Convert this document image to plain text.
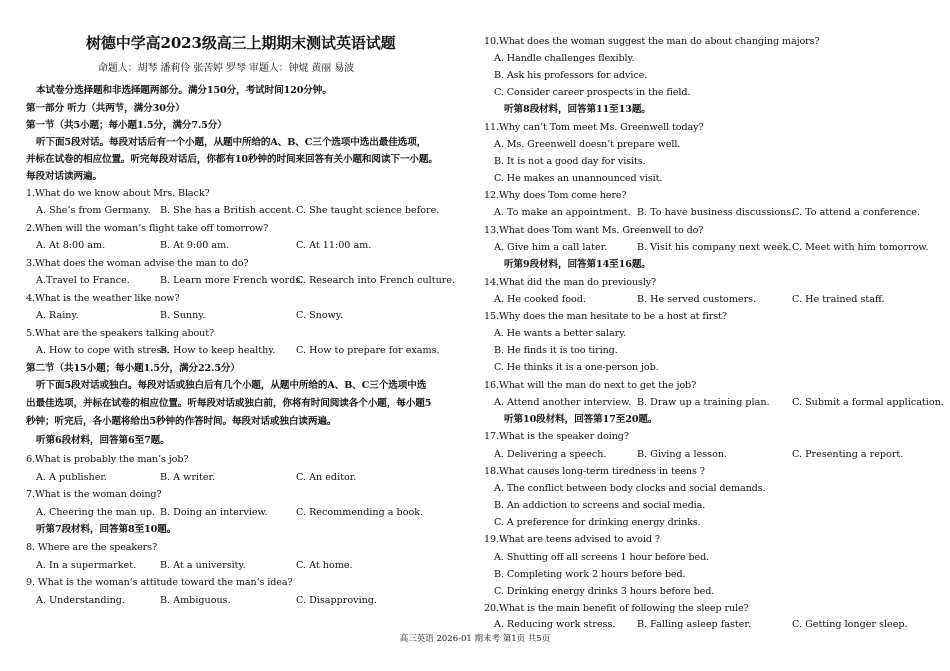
树德中学高2023级高三上期期末测试英语试题
命题人：胡琴 潘莉伶 张苦婷 罗琴 审题人：钟焜 黄丽 易波
本试卷分选择题和非选择题两部分。满分150分，考试时间120分钟。
第一部分 听力（共两节，满分30分）
第一节（共5小题；每小题1.5分，满分7.5分）
听下面5段对话。每段对话后有一个小题，从题中所给的A、B、C三个选项中选出最佳选项，
并标在试卷的相应位置。听完每段对话后，你都有10秒钟的时间来回答有关小题和阅读下一小题。
每段对话读两遍。
1.What do we know about Mrs. Black?
A. She’s from Germany. B. She has a British accent. C. She taught science before.
2.When will the woman’s flight take off tomorrow?
A. At 8:00 am.	B. At 9:00 am.	C. At 11:00 am.
3.What does the woman advise the man to do?
A.Travel to France.	B. Learn more French words.
C. Research into French culture.
4.What is the weather like now?
A. Rainy.	B. Sunny.	C. Snowy.
5.What are the speakers talking about?
A. How to cope with stress.
B. How to keep healthy. C. How to prepare for exams.
第二节（共15小题；每小题1.5分，满分22.5分）
听下面5段对话或独白。每段对话或独白后有几个小题，从题中所给的A、B、C三个选项中选
出最佳选项，并标在试卷的相应位置。听每段对话或独白前，你将有时间阅读各个小题，每小题5
秒钟；听完后，各小题将给出5秒钟的作答时间。每段对话或独白读两遍。
听第6段材料，回答第6至7题。
6.What is probably the man’s job?
A. A publisher.	B. A writer.	C. An editor.
7.What is the woman doing?
A. Cheering the man up. B. Doing an interview.	C. Recommending a book.
听第7段材料，回答第8至10题。
8. Where are the speakers?
A. In a supermarket. B. At a university.	C. At home.
9. What is the woman’s attitude toward the man’s idea?
A. Understanding.	B. Ambiguous.	C. Disapproving.
10.What does the woman suggest the man do about changing majors?
A. Handle challenges flexibly.
B. Ask his professors for advice.
C. Consider career prospects in the field.
听第8段材料，回答第11至13题。
11.Why can’t Tom meet Ms. Greenwell today?
A. Ms. Greenwell doesn’t prepare well.
B. It is not a good day for visits.
C. He makes an unannounced visit.
12.Why does Tom come here?
A. To make an appointment. B. To have business discussions.
C. To attend a conference.
13.What does Tom want Ms. Greenwell to do?
A. Give him a call later.	B. Visit his company next week. C. Meet with him tomorrow.
听第9段材料，回答第14至16题。
14.What did the man do previously?
A. He cooked food.	B. He served customers.	C. He trained staff.
15.Why does the man hesitate to be a host at first?
A. He wants a better salary.
B. He finds it is too tiring.
C. He thinks it is a one-person job.
16.What will the man do next to get the job?
A. Attend another interview. B. Draw up a training plan. C. Submit a formal application.
听第10段材料，回答第17至20题。
17.What is the speaker doing?
A. Delivering a speech.	B. Giving a lesson.	C. Presenting a report.
18.What causes long-term tiredness in teens ?
A. The conflict between body clocks and social demands.
B. An addiction to screens and social media.
C. A preference for drinking energy drinks.
19.What are teens advised to avoid ?
A. Shutting off all screens 1 hour before bed.
B. Completing work 2 hours before bed.
C. Drinking energy drinks 3 hours before bed.
20.What is the main benefit of following the sleep rule?
A. Reducing work stress. B. Falling asleep faster.	C. Getting longer sleep.
高三英语 2026-01 期末考 第1页 共5页
